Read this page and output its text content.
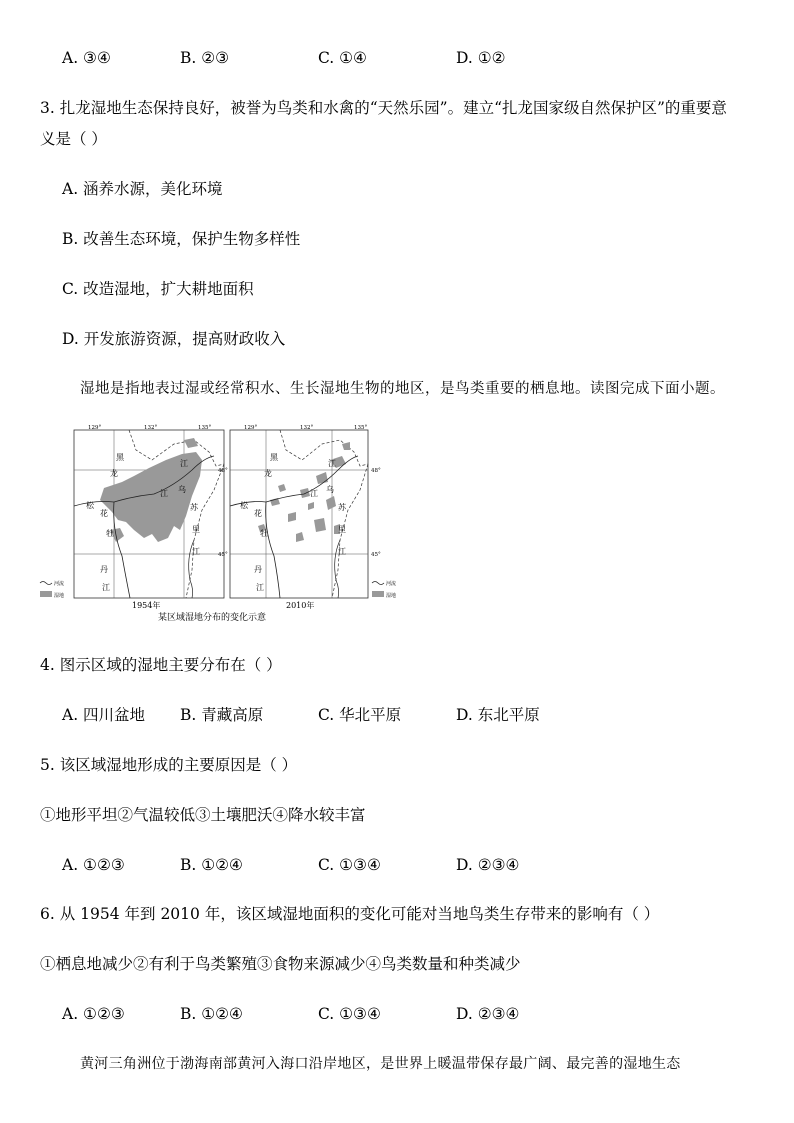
A. ③④	B. ②③	C. ①④	D. ①②
3. 扎龙湿地生态保持良好，被誉为鸟类和水禽的“天然乐园”。建立“扎龙国家级自然保护区”的重要意
义是（ ）
A. 涵养水源，美化环境
B. 改善生态环境，保护生物多样性
C. 改造湿地，扩大耕地面积
D. 开发旅游资源，提高财政收入
湿地是指地表过湿或经常积水、生长湿地生物的地区，是鸟类重要的栖息地。读图完成下面小题。
黑
龙
江
松
花
江 乌
苏
里
江
牡
丹
江
黑
龙
江
松
花
江 乌
苏
里
江
牡
丹
江
129°	132°	135°	129°	132°	135°
48°
45°
48°
45°
河流
湿地
河流
湿地
1954年	2010年
某区域湿地分布的变化示意
4. 图示区域的湿地主要分布在（ ）
A. 四川盆地 B. 青藏高原	C. 华北平原	D. 东北平原
5. 该区域湿地形成的主要原因是（ ）
①地形平坦②气温较低③土壤肥沃④降水较丰富
A. ①②③	B. ①②④	C. ①③④	D. ②③④
6. 从 1954 年到 2010 年，该区域湿地面积的变化可能对当地鸟类生存带来的影响有（ ）
①栖息地减少②有利于鸟类繁殖③食物来源减少④鸟类数量和种类减少
A. ①②③	B. ①②④	C. ①③④	D. ②③④
黄河三角洲位于渤海南部黄河入海口沿岸地区，是世界上暖温带保存最广阔、最完善的湿地生态
